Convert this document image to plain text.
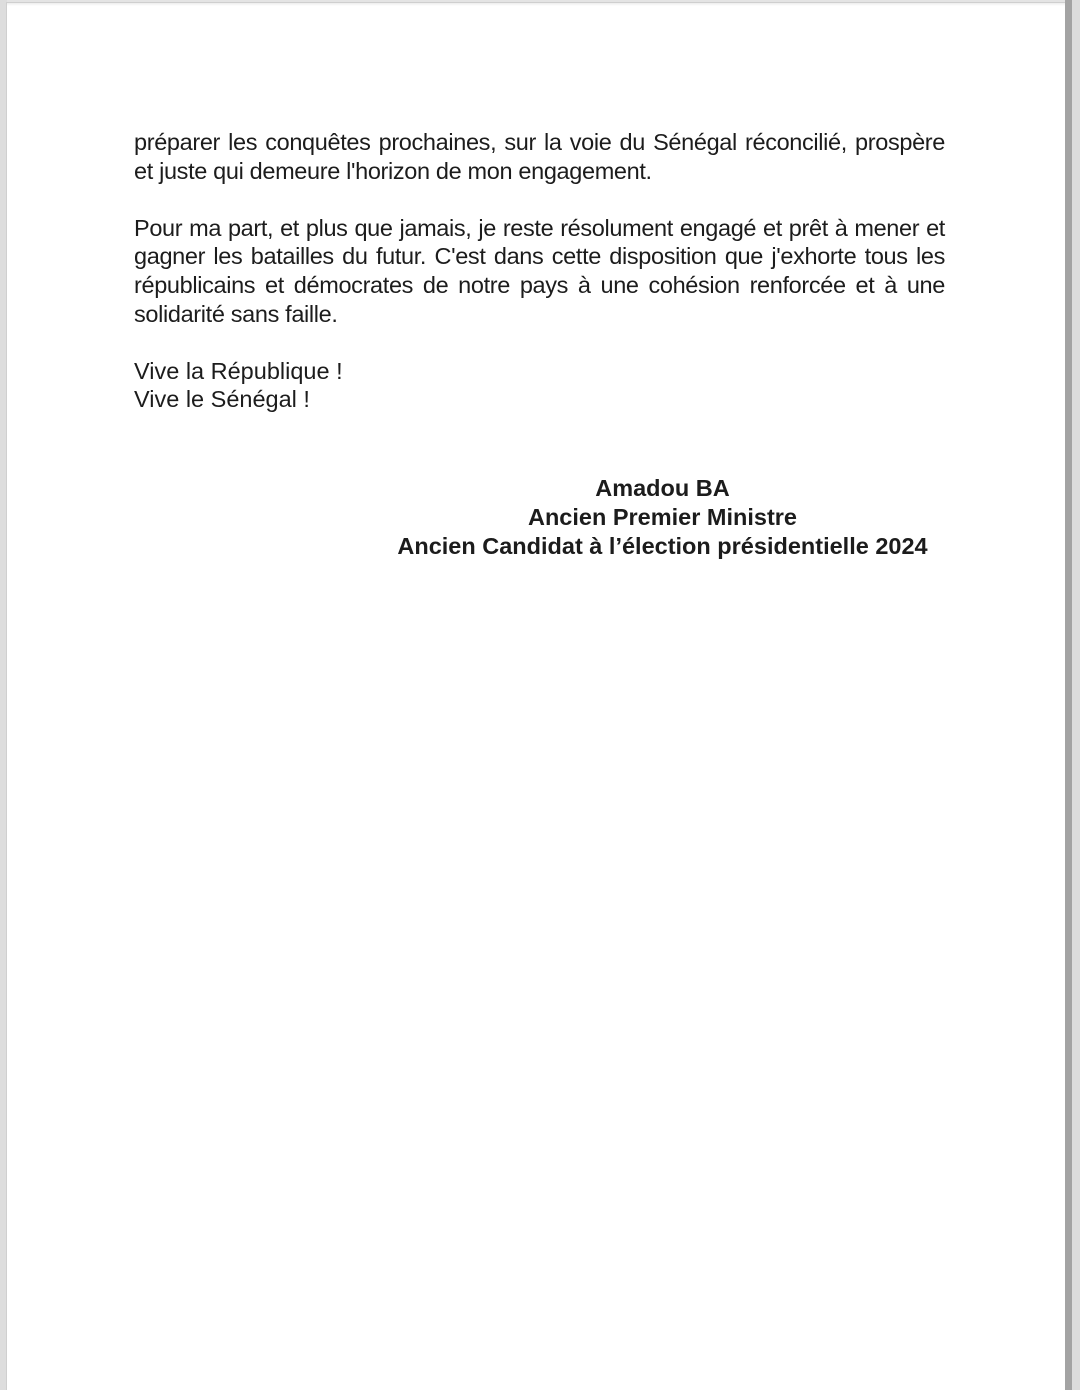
préparer les conquêtes prochaines, sur la voie du Sénégal réconcilié, prospère et juste qui demeure l'horizon de mon engagement.

Pour ma part, et plus que jamais, je reste résolument engagé et prêt à mener et gagner les batailles du futur. C'est dans cette disposition que j'exhorte tous les républicains et démocrates de notre pays à une cohésion renforcée et à une solidarité sans faille.

Vive la République !
Vive le Sénégal !
Amadou BA
Ancien Premier Ministre
Ancien Candidat à l’élection présidentielle 2024
